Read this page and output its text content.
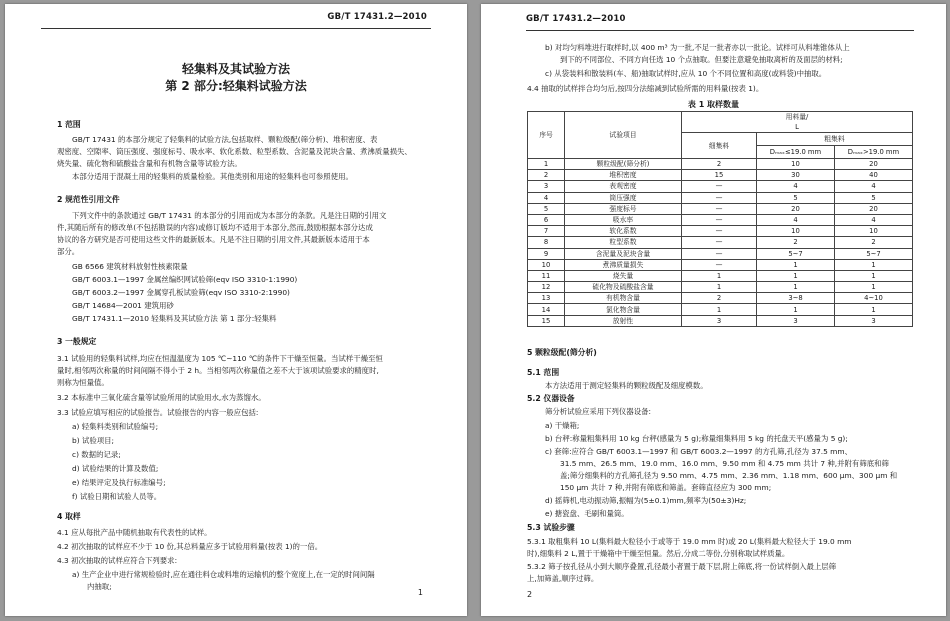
GB/T 17431.2—2010
轻集料及其试验方法
第 2 部分:轻集料试验方法
1 范围
GB/T 17431 的本部分规定了轻集料的试验方法,包括取样、颗粒级配(筛分析)、堆积密度、表
观密度、空隙率、筒压强度、强度标号、吸水率、软化系数、粒型系数、含泥量及泥块含量、煮沸质量损失、
烧失量、硫化物和硫酸盐含量和有机物含量等试验方法。
本部分适用于混凝土用的轻集料的质量检验。其他类别和用途的轻集料也可参照使用。
2 规范性引用文件
下列文件中的条款通过 GB/T 17431 的本部分的引用而成为本部分的条款。凡是注日期的引用文
件,其随后所有的修改单(不包括勘误的内容)或修订版均不适用于本部分,然而,鼓励根据本部分达成
协议的各方研究是否可使用这些文件的最新版本。凡是不注日期的引用文件,其最新版本适用于本
部分。
GB 6566 建筑材料放射性核素限量
GB/T 6003.1—1997 金属丝编织网试验筛(eqv ISO 3310-1:1990)
GB/T 6003.2—1997 金属穿孔板试验筛(eqv ISO 3310-2:1990)
GB/T 14684—2001 建筑用砂
GB/T 17431.1—2010 轻集料及其试验方法 第 1 部分:轻集料
3 一般规定
3.1 试验用的轻集料试样,均应在恒温温度为 105 ℃~110 ℃的条件下干燥至恒量。当试样干燥至恒
量时,相邻两次称量的时间间隔不得小于 2 h。当相邻两次称量值之差不大于该项试验要求的精度时,
则称为恒量值。
3.2 本标准中三氧化硫含量等试验所用的试验用水,水为蒸馏水。
3.3 试验应填写相应的试验报告。试验报告的内容一般应包括:
a) 轻集料类别和试验编号;
b) 试验项目;
c) 数据的记录;
d) 试验结果的计算及数值;
e) 结果评定及执行标准编号;
f) 试验日期和试验人员等。
4 取样
4.1 应从每批产品中随机抽取有代表性的试样。
4.2 初次抽取的试样应不少于 10 份,其总料量应多于试验用料量(按表 1)的一倍。
4.3 初次抽取的试样应符合下列要求:
a) 生产企业中进行常规检验时,应在通往料仓或料堆的运输机的整个宽度上,在一定的时间间隔
内抽取;
1
GB/T 17431.2—2010
b) 对均匀料堆进行取样时,以 400 m³ 为一批,不足一批者亦以一批论。试样可从料堆锥体从上
到下的不同部位、不同方向任选 10 个点抽取。但要注意避免抽取离析的及面层的材料;
c) 从袋装料和散装料(车、船)抽取试样时,应从 10 个不同位置和高度(或料袋)中抽取。
4.4 抽取的试样拌合均匀后,按四分法缩减到试验所需的用料量(按表 1)。
表 1 取样数量
序号	试验项目	用料量/
L		
		细集料	粗集料	
			Dₘₐₓ≤19.0 mm	Dₘₐₓ>19.0 mm
1	颗粒级配(筛分析)	2	10	20
2	堆积密度	15	30	40
3	表观密度	—	4	4
4	筒压强度	—	5	5
5	强度标号	—	20	20
6	吸水率	—	4	4
7	软化系数	—	10	10
8	粒型系数	—	2	2
9	含泥量及泥块含量	—	5~7	5~7
10	煮沸质量损失	—	1	1
11	烧失量	1	1	1
12	硫化物及硫酸盐含量	1	1	1
13	有机物含量	2	3~8	4~10
14	氯化物含量	1	1	1
15	放射性	3	3	3
5 颗粒级配(筛分析)
5.1 范围
本方法适用于测定轻集料的颗粒级配及细度模数。
5.2 仪器设备
筛分析试验应采用下列仪器设备:
a) 干燥箱;
b) 台秤:称量粗集料用 10 kg 台秤(感量为 5 g);称量细集料用 5 kg 的托盘天平(感量为 5 g);
c) 套筛:应符合 GB/T 6003.1—1997 和 GB/T 6003.2—1997 的方孔筛,孔径为 37.5 mm、
31.5 mm、26.5 mm、19.0 mm、16.0 mm、9.50 mm 和 4.75 mm 共计 7 种,并附有筛底和筛
盖;筛分细集料的方孔筛孔径为 9.50 mm、4.75 mm、2.36 mm、1.18 mm、600 μm、300 μm 和
150 μm 共计 7 种,并附有筛底和筛盖。套筛直径应为 300 mm;
d) 摇筛机,电动振动筛,振幅为(5±0.1)mm,频率为(50±3)Hz;
e) 搪瓷盘、毛刷和量筒。
5.3 试验步骤
5.3.1 取粗集料 10 L(集料最大粒径小于或等于 19.0 mm 时)或 20 L(集料最大粒径大于 19.0 mm
时),细集料 2 L,置于干燥箱中干燥至恒量。然后,分成二等份,分别称取试样质量。
5.3.2 筛子按孔径从小到大顺序叠置,孔径最小者置于最下层,附上筛底,将一份试样倒入最上层筛
上,加筛盖,顺序过筛。
2
